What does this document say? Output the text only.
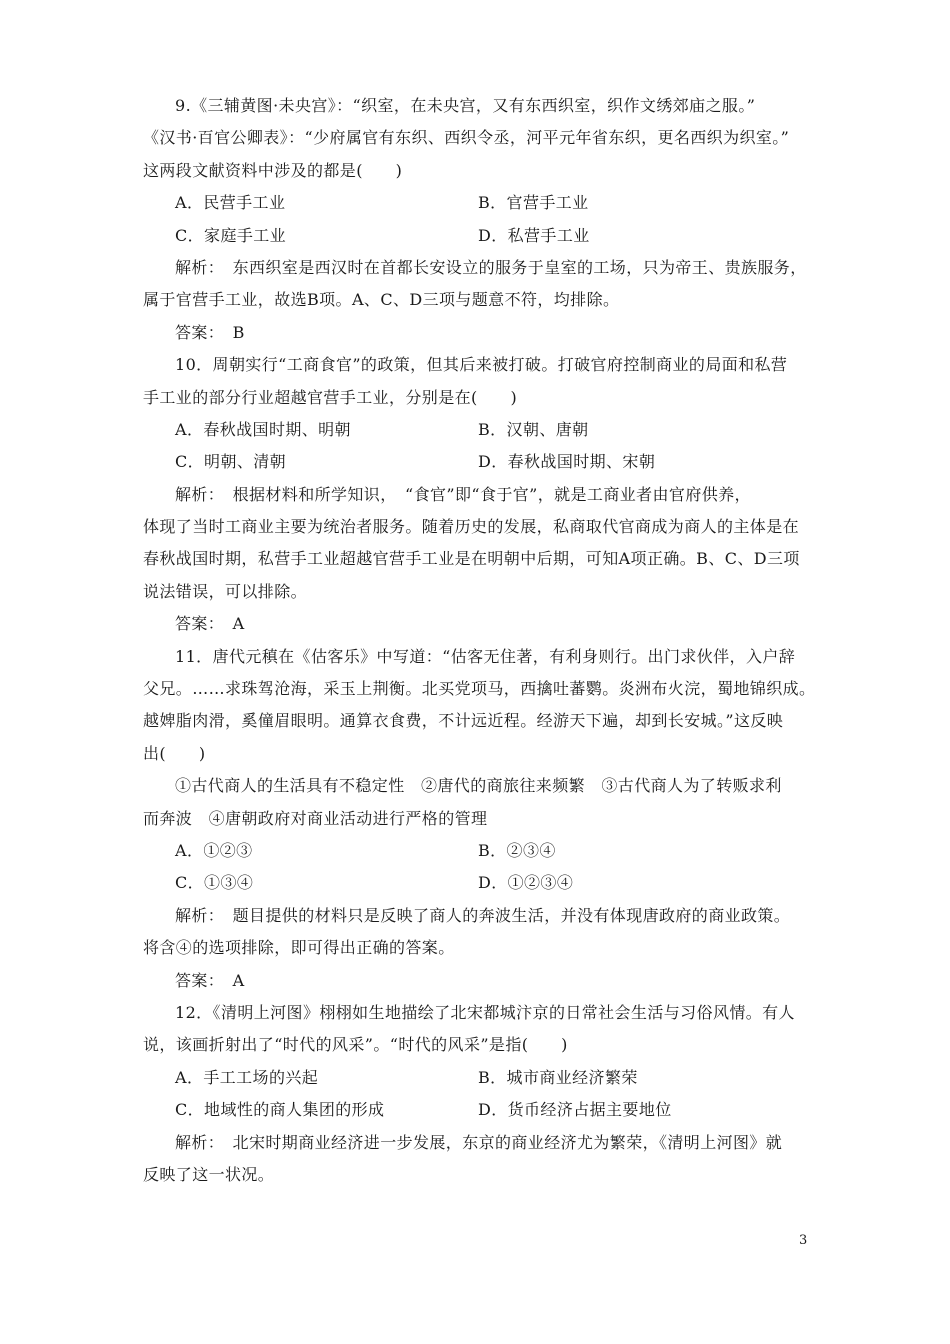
9.《三辅黄图·未央宫》：“织室，在未央宫，又有东西织室，织作文绣郊庙之服。”
《汉书·百官公卿表》：“少府属官有东织、西织令丞，河平元年省东织，更名西织为织室。”
这两段文献资料中涉及的都是(　　)
A．民营手工业	B．官营手工业
C．家庭手工业	D．私营手工业
解析：　东西织室是西汉时在首都长安设立的服务于皇室的工场，只为帝王、贵族服务，
属于官营手工业，故选B项。A、C、D三项与题意不符，均排除。
答案：　B
10．周朝实行“工商食官”的政策，但其后来被打破。打破官府控制商业的局面和私营
手工业的部分行业超越官营手工业，分别是在(　　)
A．春秋战国时期、明朝	B．汉朝、唐朝
C．明朝、清朝	D．春秋战国时期、宋朝
解析：　根据材料和所学知识，　“食官”即“食于官”，就是工商业者由官府供养，
体现了当时工商业主要为统治者服务。随着历史的发展，私商取代官商成为商人的主体是在
春秋战国时期，私营手工业超越官营手工业是在明朝中后期，可知A项正确。B、C、D三项
说法错误，可以排除。
答案：　A
11．唐代元稹在《估客乐》中写道：“估客无住著，有利身则行。出门求伙伴，入户辞
父兄。……求珠驾沧海，采玉上荆衡。北买党项马，西擒吐蕃鹦。炎洲布火浣，蜀地锦织成。
越婢脂肉滑，奚僮眉眼明。通算衣食费，不计远近程。经游天下遍，却到长安城。”这反映
出(　　)
①古代商人的生活具有不稳定性　②唐代的商旅往来频繁　③古代商人为了转贩求利
而奔波　④唐朝政府对商业活动进行严格的管理
A．①②③	B．②③④
C．①③④	D．①②③④
解析：　题目提供的材料只是反映了商人的奔波生活，并没有体现唐政府的商业政策。
将含④的选项排除，即可得出正确的答案。
答案：　A
12．《清明上河图》栩栩如生地描绘了北宋都城汴京的日常社会生活与习俗风情。有人
说，该画折射出了“时代的风采”。“时代的风采”是指(　　)
A．手工工场的兴起	B．城市商业经济繁荣
C．地域性的商人集团的形成	D．货币经济占据主要地位
解析：　北宋时期商业经济进一步发展，东京的商业经济尤为繁荣，《清明上河图》就
反映了这一状况。
3
